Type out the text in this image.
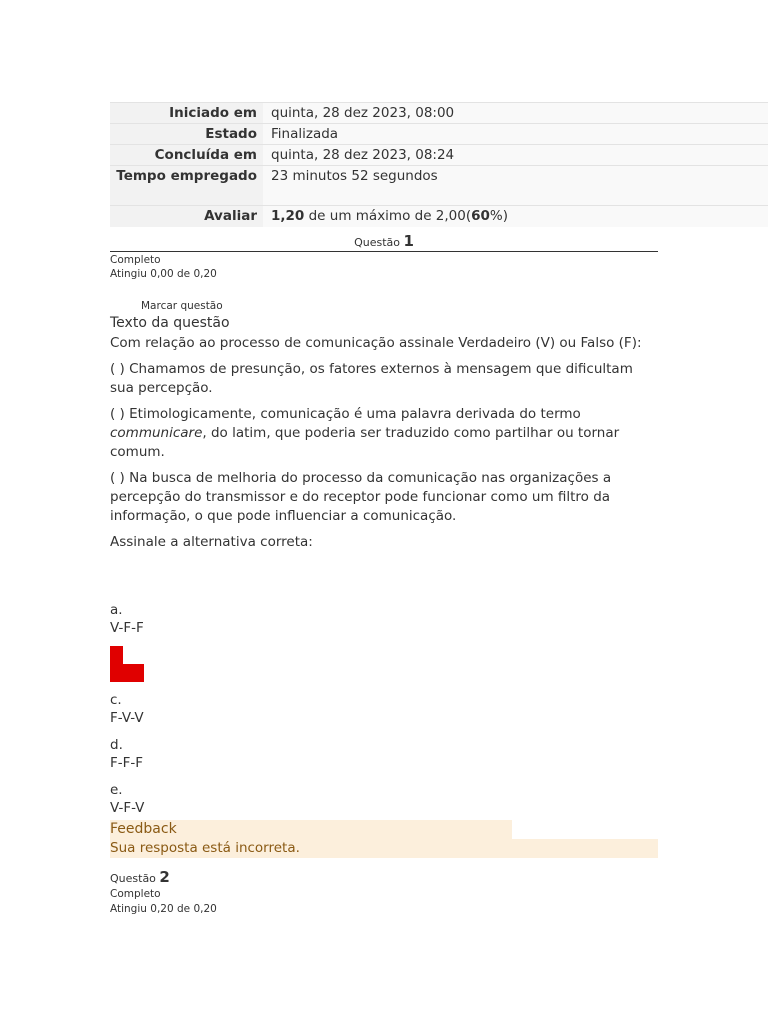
Iniciado em	quinta, 28 dez 2023, 08:00
Estado	Finalizada
Concluída em	quinta, 28 dez 2023, 08:24
Tempo empregado	23 minutos 52 segundos
Avaliar	1,20 de um máximo de 2,00(60%)
Questão 1
Completo
Atingiu 0,00 de 0,20
Marcar questão
Texto da questão

Com relação ao processo de comunicação assinale Verdadeiro (V) ou Falso (F):

( ) Chamamos de presunção, os fatores externos à mensagem que dificultam sua percepção.

( ) Etimologicamente, comunicação é uma palavra derivada do termo communicare, do latim, que poderia ser traduzido como partilhar ou tornar comum.

( ) Na busca de melhoria do processo da comunicação nas organizações a percepção do transmissor e do receptor pode funcionar como um filtro da informação, o que pode influenciar a comunicação.

Assinale a alternativa correta:

a.
V-F-F
b.
V-V-V
c.
F-V-V
d.
F-F-F
e.
V-F-V
Feedback
Sua resposta está incorreta.
Questão 2
Completo
Atingiu 0,20 de 0,20
